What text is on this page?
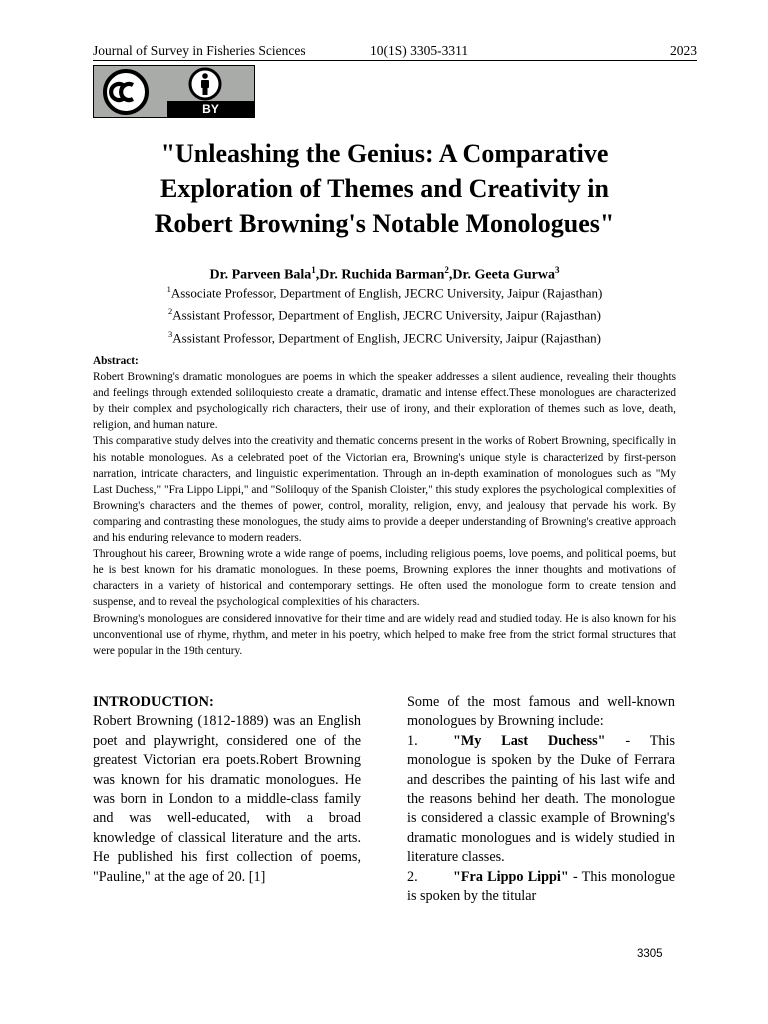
Journal of Survey in Fisheries Sciences	10(1S) 3305-3311	2023
BY
"Unleashing the Genius: A Comparative
Exploration of Themes and Creativity in
Robert Browning's Notable Monologues"
Dr. Parveen Bala$^1$,Dr. Ruchida Barman$^2$,Dr. Geeta Gurwa$^3$
$^1$Associate Professor, Department of English, JECRC University, Jaipur (Rajasthan)
$^2$Assistant Professor, Department of English, JECRC University, Jaipur (Rajasthan)
$^3$Assistant Professor, Department of English, JECRC University, Jaipur (Rajasthan)
Abstract:

Robert Browning's dramatic monologues are poems in which the speaker addresses a silent audience, revealing their thoughts and feelings through extended soliloquiesto create a dramatic, dramatic and intense effect.These monologues are characterized by their complex and psychologically rich characters, their use of irony, and their exploration of themes such as love, death, religion, and human nature.

This comparative study delves into the creativity and thematic concerns present in the works of Robert Browning, specifically in his notable monologues. As a celebrated poet of the Victorian era, Browning's unique style is characterized by first-person narration, intricate characters, and linguistic experimentation. Through an in-depth examination of monologues such as "My Last Duchess," "Fra Lippo Lippi," and "Soliloquy of the Spanish Cloister," this study explores the psychological complexities of Browning's characters and the themes of power, control, morality, religion, envy, and jealousy that pervade his work. By comparing and contrasting these monologues, the study aims to provide a deeper understanding of Browning's creative approach and his enduring relevance to modern readers.

Throughout his career, Browning wrote a wide range of poems, including religious poems, love poems, and political poems, but he is best known for his dramatic monologues. In these poems, Browning explores the inner thoughts and motivations of characters in a variety of historical and contemporary settings. He often used the monologue form to create tension and suspense, and to reveal the psychological complexities of his characters.

Browning's monologues are considered innovative for their time and are widely read and studied today. He is also known for his unconventional use of rhyme, rhythm, and meter in his poetry, which helped to make free from the strict formal structures that were popular in the 19th century.

INTRODUCTION:

Robert Browning (1812-1889) was an English poet and playwright, considered one of the greatest Victorian era poets.Robert Browning was known for his dramatic monologues. He was born in London to a middle-class family and was well-educated, with a broad knowledge of classical literature and the arts. He published his first collection of poems, "Pauline," at the age of 20. [1]

Some of the most famous and well-known monologues by Browning include:

1. "My Last Duchess" - This monologue is spoken by the Duke of Ferrara and describes the painting of his last wife and the reasons behind her death. The monologue is considered a classic example of Browning's dramatic monologues and is widely studied in literature classes.

2. "Fra Lippo Lippi" - This monologue is spoken by the titular

3305
